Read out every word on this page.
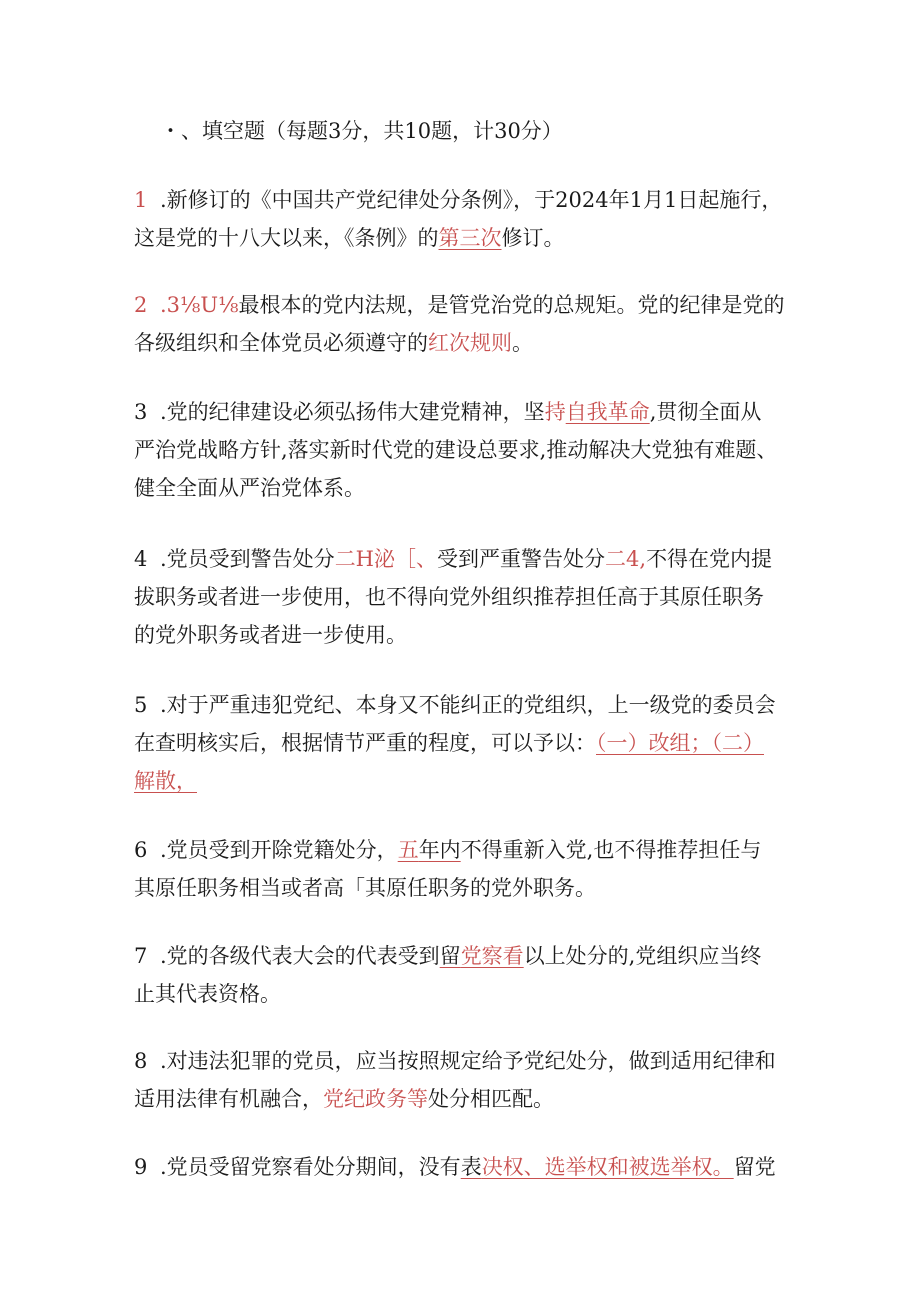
・、填空题（每题3分，共10题，计30分）
1 .新修订的《中国共产党纪律处分条例》，于2024年1月1日起施行，
这是党的十八大以来，《条例》的第三次修订。
2 .3⅛U⅛最根本的党内法规，是管党治党的总规矩。党的纪律是党的
各级组织和全体党员必须遵守的红次规则。
3 .党的纪律建设必须弘扬伟大建党精神，坚持自我革命,贯彻全面从
严治党战略方针,落实新时代党的建设总要求,推动解决大党独有难题、
健全全面从严治党体系。
4 .党员受到警告处分二H泌［、受到严重警告处分二4,不得在党内提
拔职务或者进一步使用，也不得向党外组织推荐担任高于其原任职务
的党外职务或者进一步使用。
5 .对于严重违犯党纪、本身又不能纠正的党组织，上一级党的委员会
在查明核实后，根据情节严重的程度，可以予以：（一）改组；（二）
解散，
6 .党员受到开除党籍处分，五年内不得重新入党,也不得推荐担任与
其原任职务相当或者高「其原任职务的党外职务。
7 .党的各级代表大会的代表受到留党察看以上处分的,党组织应当终
止其代表资格。
8 .对违法犯罪的党员，应当按照规定给予党纪处分，做到适用纪律和
适用法律有机融合，党纪政务等处分相匹配。
9 .党员受留党察看处分期间，没有表决权、选举权和被选举权。留党
